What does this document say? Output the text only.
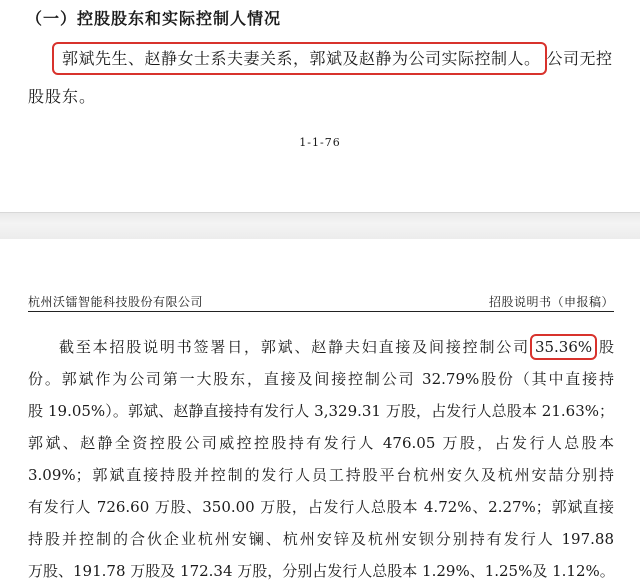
（一）控股股东和实际控制人情况
郭斌先生、赵静女士系夫妻关系，郭斌及赵静为公司实际控制人。 公司无控
股股东。
1-1-76
杭州沃镭智能科技股份有限公司	招股说明书（申报稿）
截至本招股说明书签署日，郭斌、赵静夫妇直接及间接控制公司 35.36% 股
份。郭斌作为公司第一大股东，直接及间接控制公司 32.79%股份（其中直接持
股 19.05%）。郭斌、赵静直接持有发行人 3,329.31 万股，占发行人总股本 21.63%；
郭斌、赵静全资控股公司威控控股持有发行人 476.05 万股，占发行人总股本
3.09%；郭斌直接持股并控制的发行人员工持股平台杭州安久及杭州安喆分别持
有发行人 726.60 万股、350.00 万股，占发行人总股本 4.72%、2.27%；郭斌直接
持股并控制的合伙企业杭州安镧、杭州安锌及杭州安钡分别持有发行人 197.88
万股、191.78 万股及 172.34 万股，分别占发行人总股本 1.29%、1.25%及 1.12%。
